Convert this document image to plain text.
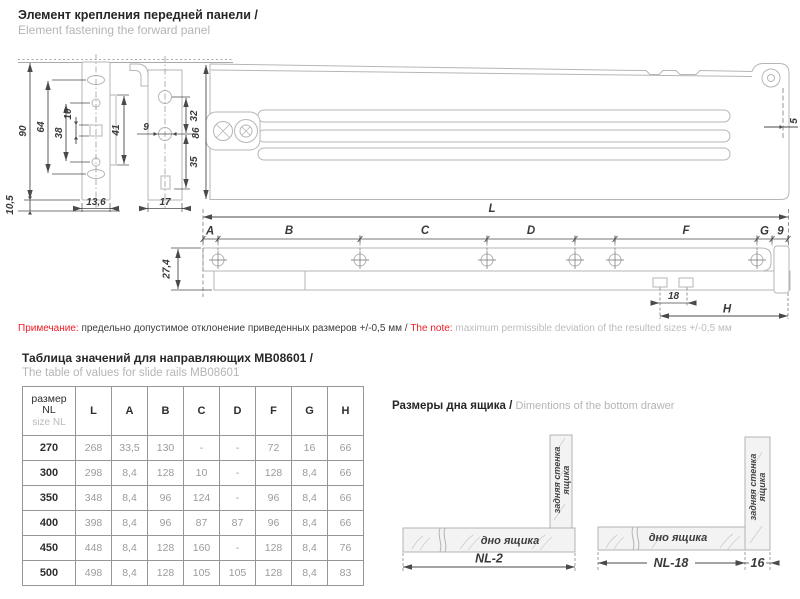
Элемент крепления передней панели /
Element fastening the forward panel
90 64
38
10
41
10,5	13,6
9
32
35
86
17
5
L
A	B	C	D	F	G 9
27,4
18
H
Примечание: предельно допустимое отклонение приведенных размеров +/-0,5 мм / The note: maximum permissible deviation of the resulted sizes +/-0,5 мм
Таблица значений для направляющих MB08601 /
The table of values for slide rails MB08601
размер NL
size NL
L	A	B	C	D	F	G	H
270	268	33,5	130	-	-	72	16	66
300	298	8,4	128	10	-	128	8,4	66
350	348	8,4	96	124	-	96	8,4	66
400	398	8,4	96	87	87	96	8,4	66
450	448	8,4	128	160	-	128	8,4	76
500	498	8,4	128	105	105	128	8,4	83
Размеры дна ящика / Dimentions of the bottom drawer
дно ящика
задняя стенка ящика
NL-2
дно ящика
задняя стенка ящика
NL-18	16
